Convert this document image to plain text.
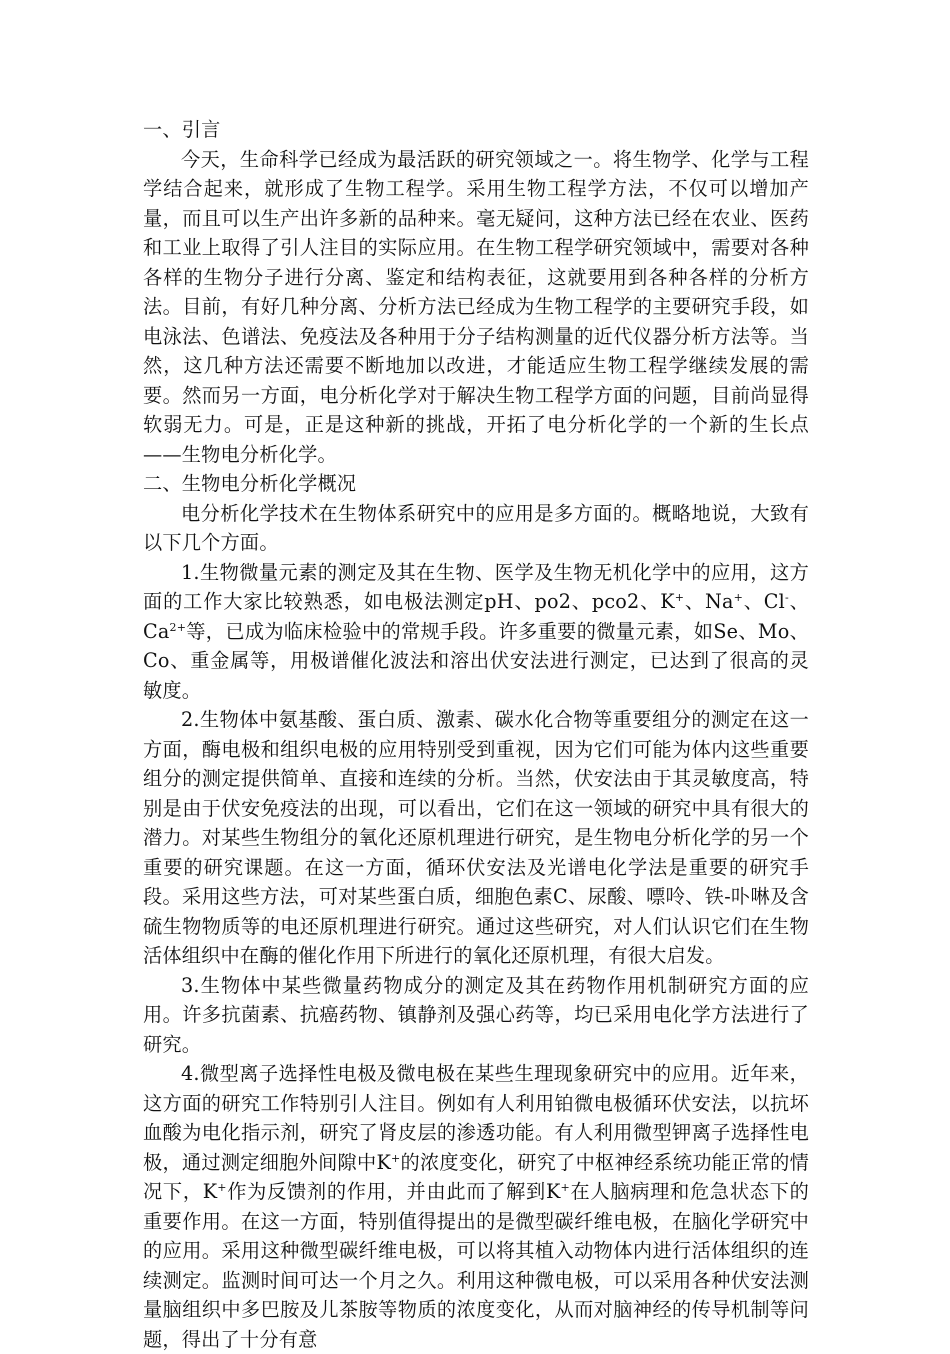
一、引言

今天，生命科学已经成为最活跃的研究领域之一。将生物学、化学与工程学结合起来，就形成了生物工程学。采用生物工程学方法，不仅可以增加产量，而且可以生产出许多新的品种来。毫无疑问，这种方法已经在农业、医药和工业上取得了引人注目的实际应用。在生物工程学研究领域中，需要对各种各样的生物分子进行分离、鉴定和结构表征，这就要用到各种各样的分析方法。目前，有好几种分离、分析方法已经成为生物工程学的主要研究手段，如电泳法、色谱法、免疫法及各种用于分子结构测量的近代仪器分析方法等。当然，这几种方法还需要不断地加以改进，才能适应生物工程学继续发展的需要。然而另一方面，电分析化学对于解决生物工程学方面的问题，目前尚显得软弱无力。可是，正是这种新的挑战，开拓了电分析化学的一个新的生长点 ——生物电分析化学。

二、生物电分析化学概况

电分析化学技术在生物体系研究中的应用是多方面的。概略地说，大致有以下几个方面。

1.生物微量元素的测定及其在生物、医学及生物无机化学中的应用，这方面的工作大家比较熟悉，如电极法测定pH、po2、pco2、K+、Na+、Cl-、$Ca^{2+}$等，已成为临床检验中的常规手段。许多重要的微量元素，如Se、Mo、Co、重金属等，用极谱催化波法和溶出伏安法进行测定，已达到了很高的灵敏度。

2.生物体中氨基酸、蛋白质、激素、碳水化合物等重要组分的测定在这一方面，酶电极和组织电极的应用特别受到重视，因为它们可能为体内这些重要组分的测定提供简单、直接和连续的分析。当然，伏安法由于其灵敏度高，特别是由于伏安免疫法的出现，可以看出，它们在这一领域的研究中具有很大的潜力。对某些生物组分的氧化还原机理进行研究，是生物电分析化学的另一个重要的研究课题。在这一方面，循环伏安法及光谱电化学法是重要的研究手段。采用这些方法，可对某些蛋白质，细胞色素C、尿酸、嘌呤、铁-卟啉及含硫生物物质等的电还原机理进行研究。通过这些研究，对人们认识它们在生物活体组织中在酶的催化作用下所进行的氧化还原机理，有很大启发。

3.生物体中某些微量药物成分的测定及其在药物作用机制研究方面的应用。许多抗菌素、抗癌药物、镇静剂及强心药等，均已采用电化学方法进行了研究。

4.微型离子选择性电极及微电极在某些生理现象研究中的应用。近年来，这方面的研究工作特别引人注目。例如有人利用铂微电极循环伏安法，以抗坏血酸为电化指示剂，研究了肾皮层的渗透功能。有人利用微型钾离子选择性电极，通过测定细胞外间隙中K+的浓度变化，研究了中枢神经系统功能正常的情况下，K+作为反馈剂的作用，并由此而了解到K+在人脑病理和危急状态下的重要作用。在这一方面，特别值得提出的是微型碳纤维电极，在脑化学研究中的应用。采用这种微型碳纤维电极，可以将其植入动物体内进行活体组织的连续测定。监测时间可达一个月之久。利用这种微电极，可以采用各种伏安法测量脑组织中多巴胺及儿茶胺等物质的浓度变化，从而对脑神经的传导机制等问题，得出了十分有意
